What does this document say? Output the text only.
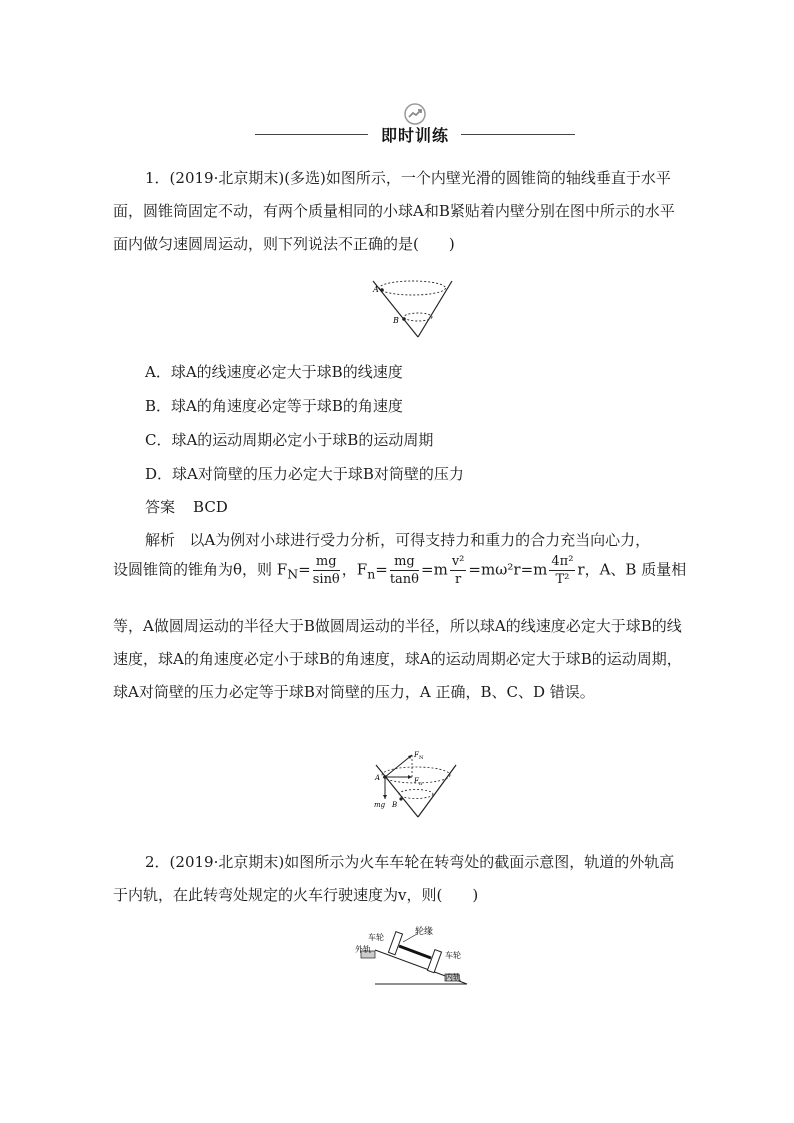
即时训练

1．(2019·北京期末)(多选)如图所示，一个内壁光滑的圆锥筒的轴线垂直于水平面，圆锥筒固定不动，有两个质量相同的小球A和B紧贴着内壁分别在图中所示的水平面内做匀速圆周运动，则下列说法不正确的是(　　)

A
B
A．球A的线速度必定大于球B的线速度
B．球A的角速度必定等于球B的角速度
C．球A的运动周期必定小于球B的运动周期
D．球A对筒壁的压力必定大于球B对筒壁的压力
答案 BCD
解析 以A为例对小球进行受力分析，可得支持力和重力的合力充当向心力，
设圆锥筒的锥角为θ，则 $F_N= \frac{mg}{\sin\theta}$ ，$F_n= \frac{mg}{\tan\theta} =m \frac{\text{v²}}{r} =m\omega^2r=m \frac{\text{4π²}}{\text{T²}}$ r，A、B 质量相

等，A做圆周运动的半径大于B做圆周运动的半径，所以球A的线速度必定大于球B的线速度，球A的角速度必定小于球B的角速度，球A的运动周期必定大于球B的运动周期，球A对筒壁的压力必定等于球B对筒壁的压力，A 正确，B、C、D 错误。

F N
F n
A
mg B

2．(2019·北京期末)如图所示为火车车轮在转弯处的截面示意图，轨道的外轨高于内轨，在此转弯处规定的火车行驶速度为v，则(　　)

轮缘
车轮
外轨
车轮
内轨
